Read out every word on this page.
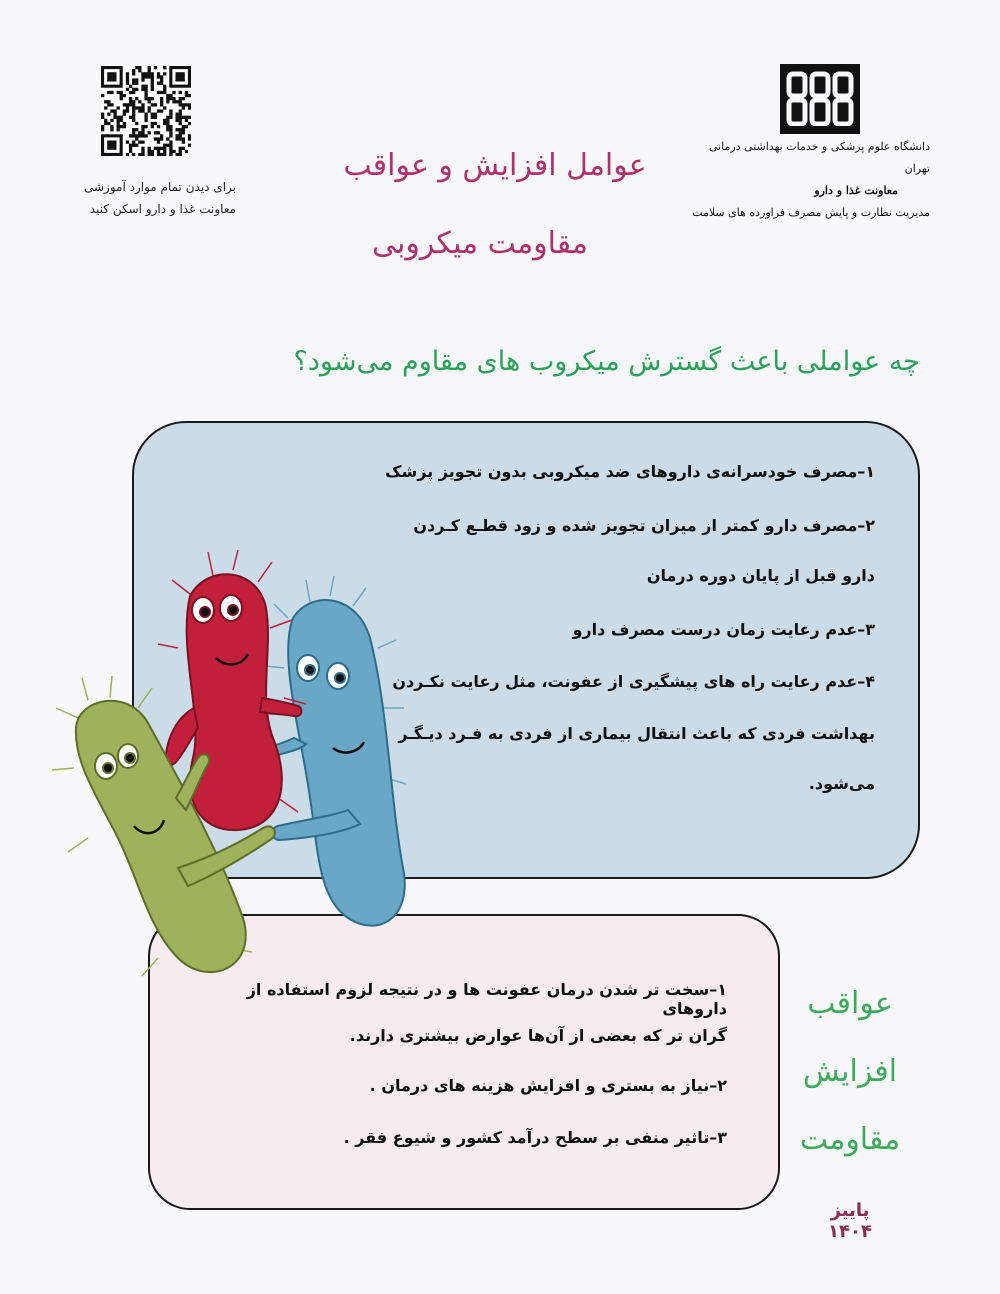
برای دیدن تمام موارد آموزشی
معاونت غذا و دارو اسکن کنید
عوامل افزایش و عواقب
مقاومت میکروبی
دانشگاه علوم پزشکی و خدمات بهداشتی درمانی تهران
معاونت غذا و دارو
مدیریت نظارت و پایش مصرف فراورده های سلامت
چه عواملی باعث گسترش میکروب های مقاوم می‌شود؟
۱–مصرف خودسرانه‌ی داروهای ضد میکروبی بدون تجویز پزشک
۲–مصرف دارو کمتر از میزان تجویز شده و زود قطـع کـردن
دارو قبل از پایان دوره درمان
۳–عدم رعایت زمان درست مصرف دارو
۴–عدم رعایت راه های پیشگیری از عفونت، مثل رعایت نکـردن
بهداشت فردی که باعث انتقال بیماری از فردی به فـرد دیـگـر
می‌شود.
۱–سخت تر شدن درمان عفونت ها و در نتیجه لزوم استفاده از داروهای
گران تر که بعضی از آن‌ها عوارض بیشتری دارند.
۲–نیاز به بستری و افزایش هزینه های درمان .
۳–تاثیر منفی بر سطح درآمد کشور و شیوع فقر .
عواقب
افزایش
مقاومت
پاییز ۱۴۰۴
